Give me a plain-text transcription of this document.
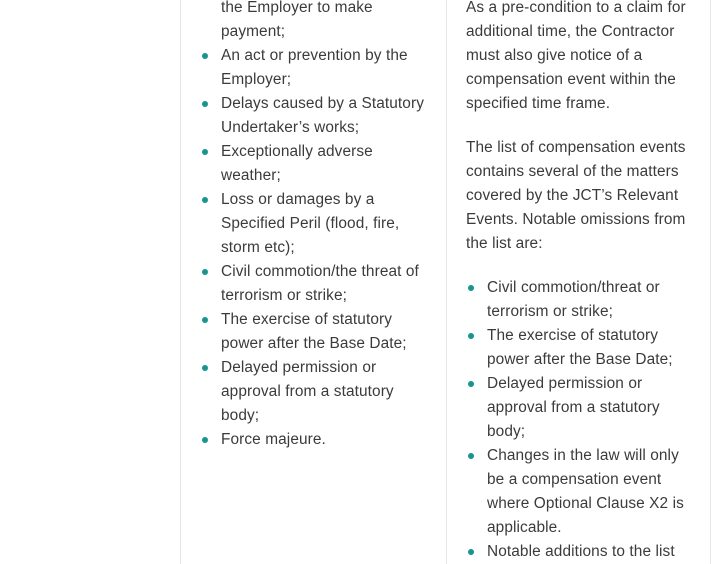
the Employer to make payment;
An act or prevention by the Employer;
Delays caused by a Statutory Undertaker’s works;
Exceptionally adverse weather;
Loss or damages by a Specified Peril (flood, fire, storm etc);
Civil commotion/the threat of terrorism or strike;
The exercise of statutory power after the Base Date;
Delayed permission or approval from a statutory body;
Force majeure.

As a pre-condition to a claim for additional time, the Contractor must also give notice of a compensation event within the specified time frame.

The list of compensation events contains several of the matters covered by the JCT’s Relevant Events. Notable omissions from the list are:

Civil commotion/threat or terrorism or strike;
The exercise of statutory power after the Base Date;
Delayed permission or approval from a statutory body;
Changes in the law will only be a compensation event where Optional Clause X2 is applicable.
Notable additions to the list
